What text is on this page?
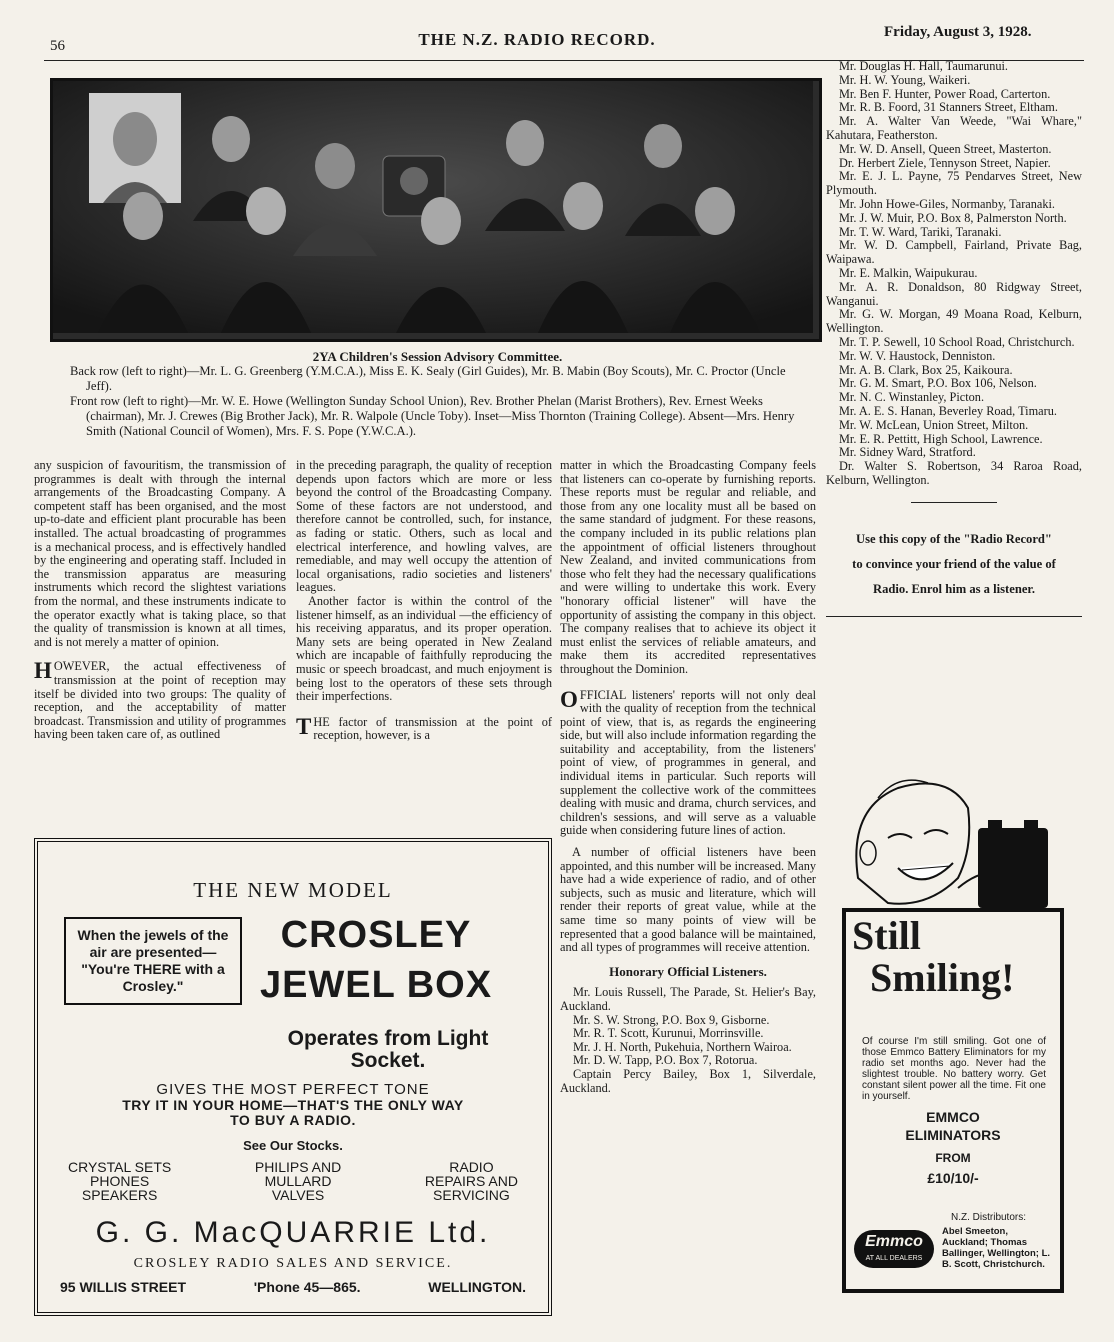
56	THE N.Z. RADIO RECORD.	Friday, August 3, 1928.
2YA Children's Session Advisory Committee.

Back row (left to right)—Mr. L. G. Greenberg (Y.M.C.A.), Miss E. K. Sealy (Girl Guides), Mr. B. Mabin (Boy Scouts), Mr. C. Proctor (Uncle Jeff).

Front row (left to right)—Mr. W. E. Howe (Wellington Sunday School Union), Rev. Brother Phelan (Marist Brothers), Rev. Ernest Weeks (chairman), Mr. J. Crewes (Big Brother Jack), Mr. R. Walpole (Uncle Toby). Inset—Miss Thornton (Training College). Absent—Mrs. Henry Smith (National Council of Women), Mrs. F. S. Pope (Y.W.C.A.).

any suspicion of favouritism, the transmission of programmes is dealt with through the internal arrangements of the Broadcasting Company. A competent staff has been organised, and the most up-to-date and efficient plant procurable has been installed. The actual broadcasting of programmes is a mechanical process, and is effectively handled by the engineering and operating staff. Included in the transmission apparatus are measuring instruments which record the slightest variations from the normal, and these instruments indicate to the operator exactly what is taking place, so that the quality of transmission is known at all times, and is not merely a matter of opinion.

HOWEVER, the actual effectiveness of transmission at the point of reception may itself be divided into two groups: The quality of reception, and the acceptability of matter broadcast. Transmission and utility of programmes having been taken care of, as outlined

in the preceding paragraph, the quality of reception depends upon factors which are more or less beyond the control of the Broadcasting Company. Some of these factors are not understood, and therefore cannot be controlled, such, for instance, as fading or static. Others, such as local and electrical interference, and howling valves, are remediable, and may well occupy the attention of local organisations, radio societies and listeners' leagues.

Another factor is within the control of the listener himself, as an individual —the efficiency of his receiving apparatus, and its proper operation. Many sets are being operated in New Zealand which are incapable of faithfully reproducing the music or speech broadcast, and much enjoyment is being lost to the operators of these sets through their imperfections.

THE factor of transmission at the point of reception, however, is a

matter in which the Broadcasting Company feels that listeners can co-operate by furnishing reports. These reports must be regular and reliable, and those from any one locality must all be based on the same standard of judgment. For these reasons, the company included in its public relations plan the appointment of official listeners throughout New Zealand, and invited communications from those who felt they had the necessary qualifications and were willing to undertake this work. Every "honorary official listener" will have the opportunity of assisting the company in this object. The company realises that to achieve its object it must enlist the services of reliable amateurs, and make them its accredited representatives throughout the Dominion.

OFFICIAL listeners' reports will not only deal with the quality of reception from the technical point of view, that is, as regards the engineering side, but will also include information regarding the suitability and acceptability, from the listeners' point of view, of programmes in general, and individual items in particular. Such reports will supplement the collective work of the committees dealing with music and drama, church services, and children's sessions, and will serve as a valuable guide when considering future lines of action.

A number of official listeners have been appointed, and this number will be increased. Many have had a wide experience of radio, and of other subjects, such as music and literature, which will render their reports of great value, while at the same time so many points of view will be represented that a good balance will be maintained, and all types of programmes will receive attention.

Honorary Official Listeners.

Mr. Louis Russell, The Parade, St. Helier's Bay, Auckland.

Mr. S. W. Strong, P.O. Box 9, Gisborne.

Mr. R. T. Scott, Kurunui, Morrinsville.

Mr. J. H. North, Pukehuia, Northern Wairoa.

Mr. D. W. Tapp, P.O. Box 7, Rotorua.

Captain Percy Bailey, Box 1, Silverdale, Auckland.

Mr. Douglas H. Hall, Taumarunui.

Mr. H. W. Young, Waikeri.

Mr. Ben F. Hunter, Power Road, Carterton.

Mr. R. B. Foord, 31 Stanners Street, Eltham.

Mr. A. Walter Van Weede, "Wai Whare," Kahutara, Featherston.

Mr. W. D. Ansell, Queen Street, Masterton.

Dr. Herbert Ziele, Tennyson Street, Napier.

Mr. E. J. L. Payne, 75 Pendarves Street, New Plymouth.

Mr. John Howe-Giles, Normanby, Taranaki.

Mr. J. W. Muir, P.O. Box 8, Palmerston North.

Mr. T. W. Ward, Tariki, Taranaki.

Mr. W. D. Campbell, Fairland, Private Bag, Waipawa.

Mr. E. Malkin, Waipukurau.

Mr. A. R. Donaldson, 80 Ridgway Street, Wanganui.

Mr. G. W. Morgan, 49 Moana Road, Kelburn, Wellington.

Mr. T. P. Sewell, 10 School Road, Christchurch.

Mr. W. V. Haustock, Denniston.

Mr. A. B. Clark, Box 25, Kaikoura.

Mr. G. M. Smart, P.O. Box 106, Nelson.

Mr. N. C. Winstanley, Picton.

Mr. A. E. S. Hanan, Beverley Road, Timaru.

Mr. W. McLean, Union Street, Milton.

Mr. E. R. Pettitt, High School, Lawrence.

Mr. Sidney Ward, Stratford.

Dr. Walter S. Robertson, 34 Raroa Road, Kelburn, Wellington.

Use this copy of the "Radio Record"
to convince your friend of the value of
Radio. Enrol him as a listener.
THE NEW MODEL
CROSLEY
JEWEL BOX
When the jewels of the air are presented—
"You're THERE with a Crosley."
Operates from Light
Socket.
GIVES THE MOST PERFECT TONE
TRY IT IN YOUR HOME—THAT'S THE ONLY WAY
TO BUY A RADIO.
See Our Stocks.
CRYSTAL SETS
PHONES
SPEAKERS
PHILIPS AND
MULLARD
VALVES
RADIO
REPAIRS AND
SERVICING
G. G. MacQUARRIE Ltd.
CROSLEY RADIO SALES AND SERVICE.
95 WILLIS STREET	'Phone 45—865.	WELLINGTON.
Still
Smiling!
Of course I'm still smiling. Got one of those Emmco Battery Eliminators for my radio set months ago. Never had the slightest trouble. No battery worry. Get constant silent power all the time. Fit one in yourself.
EMMCO
ELIMINATORS
FROM
£10/10/-
N.Z. Distributors:
Emmco
AT ALL DEALERS
Abel Smeeton, Auckland; Thomas Ballinger, Wellington; L. B. Scott, Christchurch.
